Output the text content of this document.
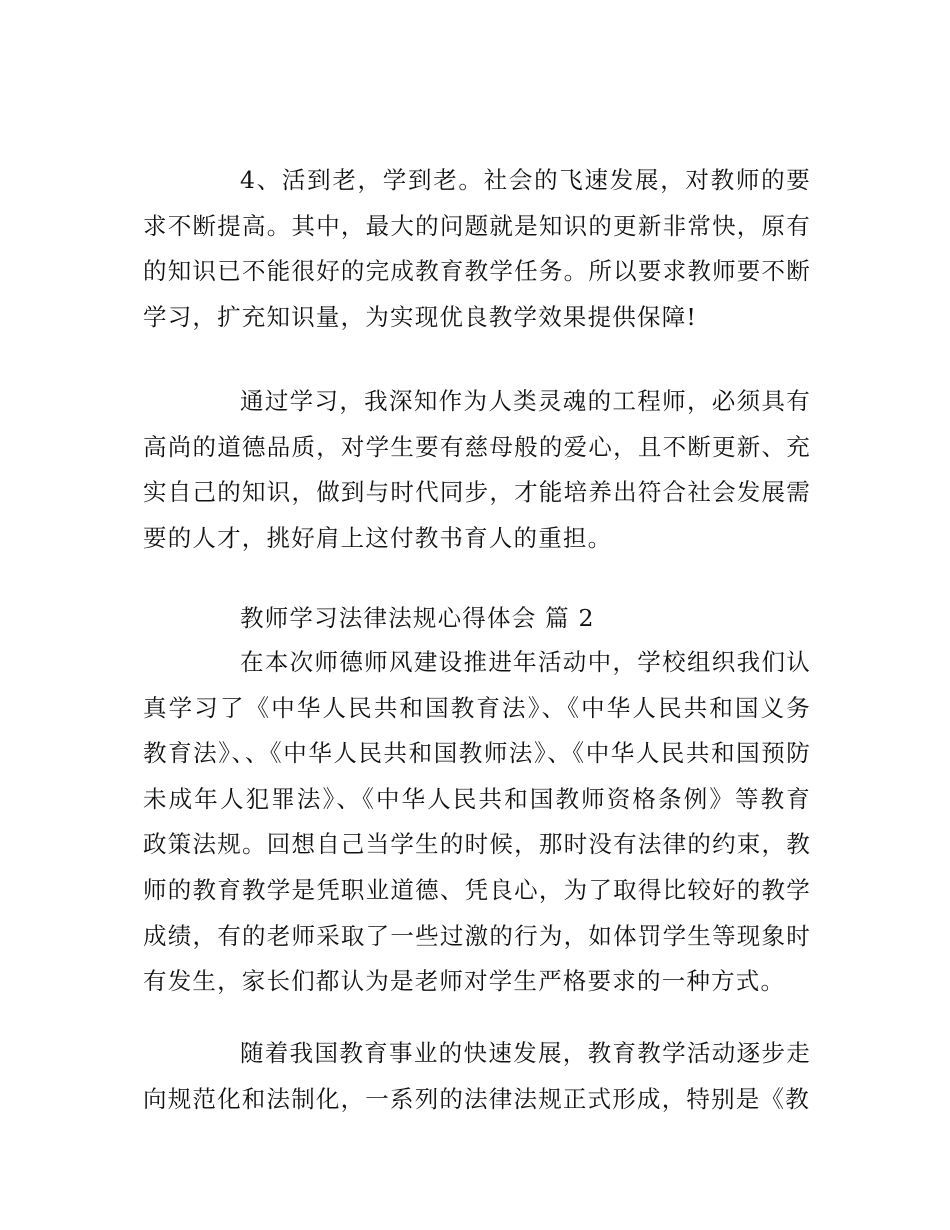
4、活到老，学到老。社会的飞速发展，对教师的要求不断提高。其中，最大的问题就是知识的更新非常快，原有的知识已不能很好的完成教育教学任务。所以要求教师要不断学习，扩充知识量，为实现优良教学效果提供保障!

通过学习，我深知作为人类灵魂的工程师，必须具有高尚的道德品质，对学生要有慈母般的爱心，且不断更新、充实自己的知识，做到与时代同步，才能培养出符合社会发展需要的人才，挑好肩上这付教书育人的重担。

教师学习法律法规心得体会 篇 2

在本次师德师风建设推进年活动中，学校组织我们认真学习了《中华人民共和国教育法》、《中华人民共和国义务教育法》、、《中华人民共和国教师法》、《中华人民共和国预防未成年人犯罪法》、《中华人民共和国教师资格条例》等教育政策法规。回想自己当学生的时候，那时没有法律的约束，教师的教育教学是凭职业道德、凭良心，为了取得比较好的教学成绩，有的老师采取了一些过激的行为，如体罚学生等现象时有发生，家长们都认为是老师对学生严格要求的一种方式。

随着我国教育事业的快速发展，教育教学活动逐步走向规范化和法制化，一系列的法律法规正式形成，特别是《教
